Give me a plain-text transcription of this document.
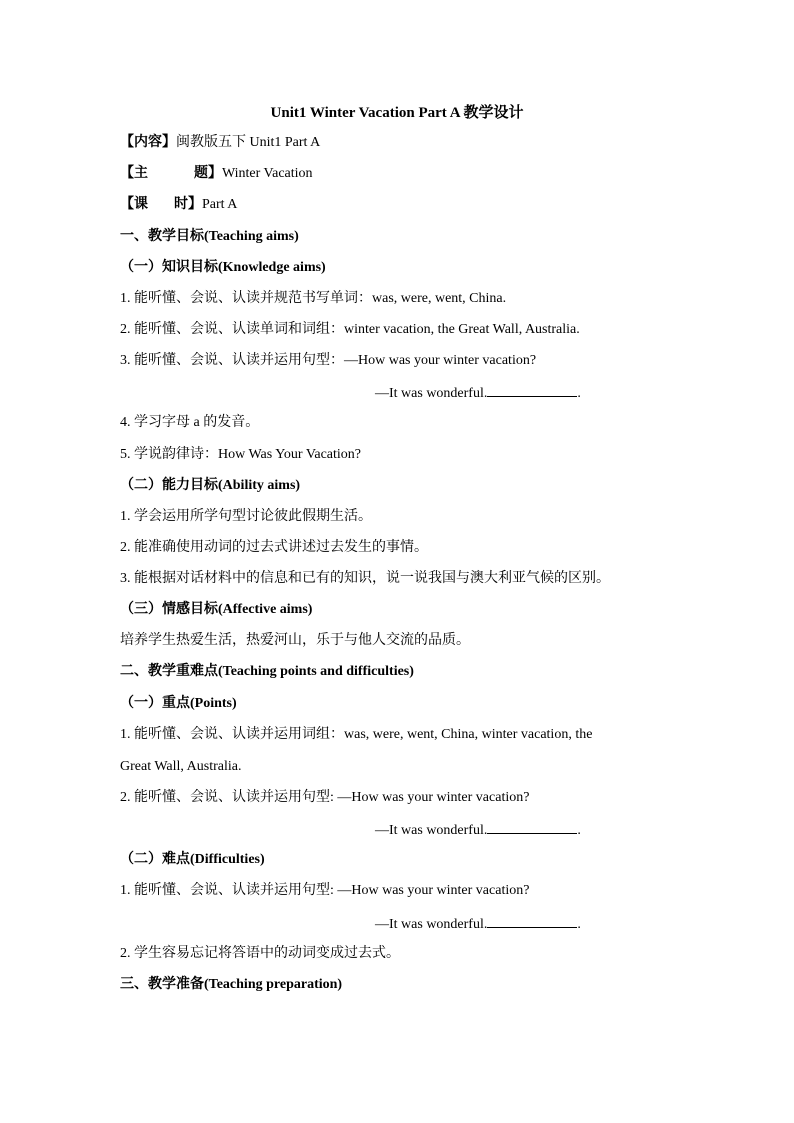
Unit1 Winter Vacation Part A 教学设计
【内容】闽教版五下 Unit1 Part A
【主	题】Winter Vacation
【课 时】Part A
一、教学目标(Teaching aims)
（一）知识目标(Knowledge aims)
1. 能听懂、会说、认读并规范书写单词：was, were, went, China.
2. 能听懂、会说、认读单词和词组：winter vacation, the Great Wall, Australia.
3. 能听懂、会说、认读并运用句型：—How was your winter vacation?
—It was wonderful.	.
4. 学习字母 a 的发音。
5. 学说韵律诗：How Was Your Vacation?
（二）能力目标(Ability aims)
1. 学会运用所学句型讨论彼此假期生活。
2. 能准确使用动词的过去式讲述过去发生的事情。
3. 能根据对话材料中的信息和已有的知识，说一说我国与澳大利亚气候的区别。
（三）情感目标(Affective aims)
培养学生热爱生活，热爱河山，乐于与他人交流的品质。
二、教学重难点(Teaching points and difficulties)
（一）重点(Points)
1. 能听懂、会说、认读并运用词组：was, were, went, China, winter vacation, the
Great Wall, Australia.
2. 能听懂、会说、认读并运用句型: —How was your winter vacation?
—It was wonderful.	.
（二）难点(Difficulties)
1. 能听懂、会说、认读并运用句型: —How was your winter vacation?
—It was wonderful.	.
2. 学生容易忘记将答语中的动词变成过去式。
三、教学准备(Teaching preparation)
